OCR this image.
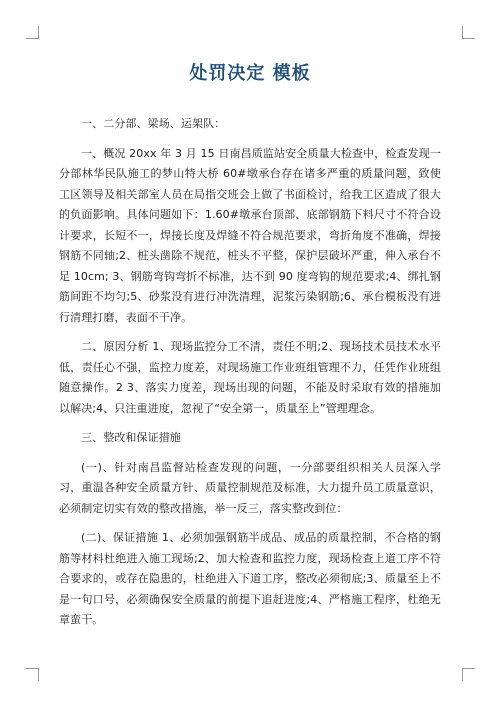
处罚决定 模板

一、二分部、梁场、运架队：

一、概况 20xx 年 3 月 15 日南昌质监站安全质量大检查中，检查发现一分部林华民队施工的梦山特大桥 60#墩承台存在诸多严重的质量问题，致使工区领导及相关部室人员在局指交班会上做了书面检讨，给我工区造成了很大的负面影响。具体问题如下：1.60#墩承台顶部、底部钢筋下料尺寸不符合设计要求，长短不一，焊接长度及焊缝不符合规范要求，弯折角度不准确，焊接钢筋不同轴;2、桩头凿除不规范，桩头不平整，保护层破坏严重，伸入承台不足 10cm; 3、钢筋弯钩弯折不标准，达不到 90 度弯钩的规范要求;4、绑扎钢筋间距不均匀;5、砂浆没有进行冲洗清理，泥浆污染钢筋;6、承台模板没有进行清理打磨，表面不干净。

二、原因分析 1、现场监控分工不清，责任不明;2、现场技术员技术水平低，责任心不强，监控力度差，对现场施工作业班组管理不力，任凭作业班组随意操作。2 3、落实力度差，现场出现的问题，不能及时采取有效的措施加以解决;4、只注重进度，忽视了“安全第一，质量至上”管理理念。

三、整改和保证措施

(一)、针对南昌监督站检查发现的问题，一分部要组织相关人员深入学习，重温各种安全质量方针、质量控制规范及标准，大力提升员工质量意识，必须制定切实有效的整改措施，举一反三，落实整改到位：

(二)、保证措施 1、必须加强钢筋半成品、成品的质量控制，不合格的钢筋等材料杜绝进入施工现场;2、加大检查和监控力度，现场检查上道工序不符合要求的，或存在隐患的，杜绝进入下道工序，整改必须彻底;3、质量至上不是一句口号，必须确保安全质量的前提下追赶进度;4、严格施工程序，杜绝无章蛮干。
